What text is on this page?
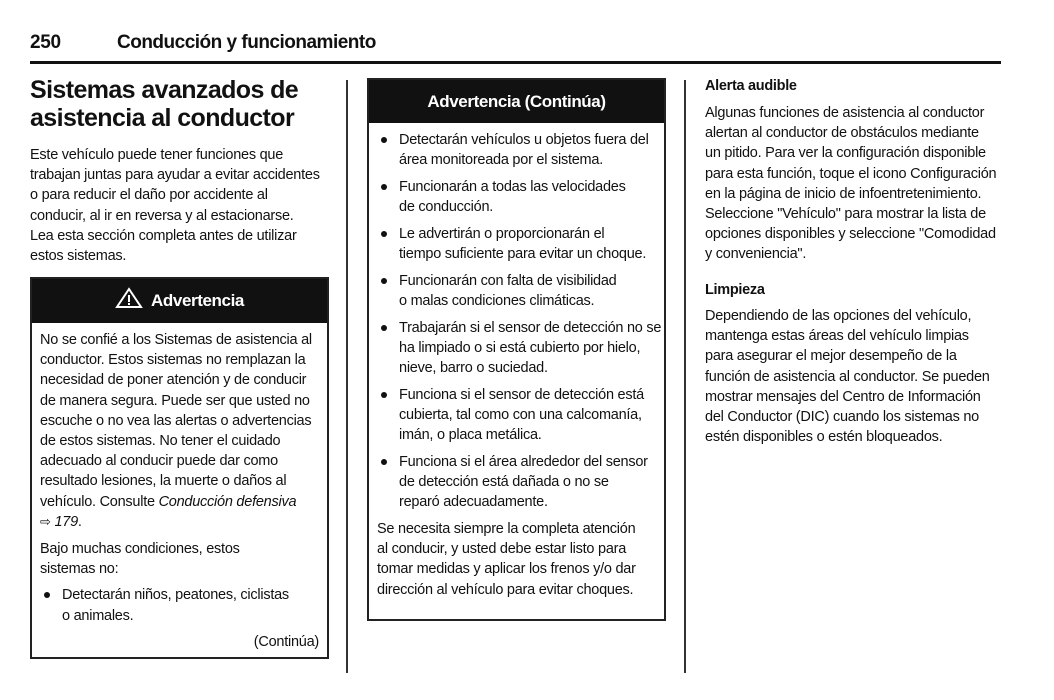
250	Conducción y funcionamiento
Sistemas avanzados de
asistencia al conductor
Este vehículo puede tener funciones que
trabajan juntas para ayudar a evitar accidentes
o para reducir el daño por accidente al
conducir, al ir en reversa y al estacionarse.
Lea esta sección completa antes de utilizar
estos sistemas.
Advertencia
No se confié a los Sistemas de asistencia al
conductor. Estos sistemas no remplazan la
necesidad de poner atención y de conducir
de manera segura. Puede ser que usted no
escuche o no vea las alertas o advertencias
de estos sistemas. No tener el cuidado
adecuado al conducir puede dar como
resultado lesiones, la muerte o daños al
vehículo. Consulte Conducción defensiva
⇨ 179.
Bajo muchas condiciones, estos
sistemas no:
Detectarán niños, peatones, ciclistas
o animales.
(Continúa)
Advertencia (Continúa)
Detectarán vehículos u objetos fuera del
área monitoreada por el sistema.
Funcionarán a todas las velocidades
de conducción.
Le advertirán o proporcionarán el
tiempo suficiente para evitar un choque.
Funcionarán con falta de visibilidad
o malas condiciones climáticas.
Trabajarán si el sensor de detección no se
ha limpiado o si está cubierto por hielo,
nieve, barro o suciedad.
Funciona si el sensor de detección está
cubierta, tal como con una calcomanía,
imán, o placa metálica.
Funciona si el área alrededor del sensor
de detección está dañada o no se
reparó adecuadamente.
Se necesita siempre la completa atención
al conducir, y usted debe estar listo para
tomar medidas y aplicar los frenos y/o dar
dirección al vehículo para evitar choques.
Alerta audible
Algunas funciones de asistencia al conductor
alertan al conductor de obstáculos mediante
un pitido. Para ver la configuración disponible
para esta función, toque el icono Configuración
en la página de inicio de infoentretenimiento.
Seleccione "Vehículo" para mostrar la lista de
opciones disponibles y seleccione "Comodidad
y conveniencia".
Limpieza
Dependiendo de las opciones del vehículo,
mantenga estas áreas del vehículo limpias
para asegurar el mejor desempeño de la
función de asistencia al conductor. Se pueden
mostrar mensajes del Centro de Información
del Conductor (DIC) cuando los sistemas no
estén disponibles o estén bloqueados.
